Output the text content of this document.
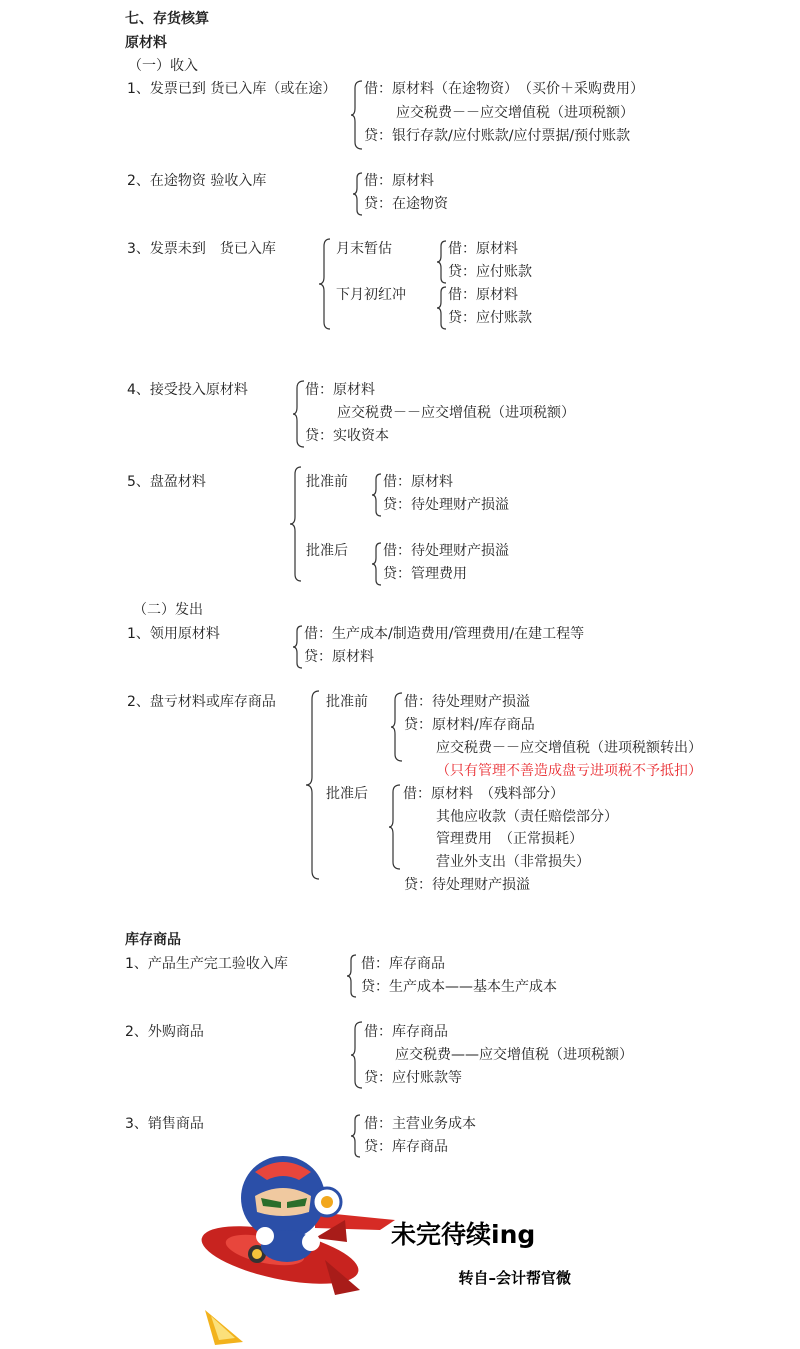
七、存货核算
原材料
（一）收入
1、发票已到 货已入库（或在途） 借：原材料（在途物资）　（买价＋采购费用）
应交税费－－应交增值税（进项税额）
贷：银行存款/应付账款/应付票据/预付账款
2、在途物资 验收入库	借：原材料
贷：在途物资
3、发票未到　货已入库	月末暂估	借：原材料
贷：应付账款
下月初红冲	借：原材料
贷：应付账款
4、接受投入原材料	借：原材料
应交税费－－应交增值税（进项税额）
贷：实收资本
5、盘盈材料	批准前	借：原材料
贷：待处理财产损溢
批准后	借：待处理财产损溢
贷：管理费用
（二）发出
1、领用原材料	借：生产成本/制造费用/管理费用/在建工程等
贷：原材料
2、盘亏材料或库存商品	批准前	借：待处理财产损溢
贷：原材料/库存商品
应交税费－－应交增值税（进项税额转出）
（只有管理不善造成盘亏进项税不予抵扣）
批准后	借：原材料　（残料部分）
其他应收款（责任赔偿部分）
管理费用　（正常损耗）
营业外支出（非常损失）
贷：待处理财产损溢
库存商品
1、产品生产完工验收入库	借：库存商品
贷：生产成本——基本生产成本
2、外购商品	借：库存商品
应交税费——应交增值税（进项税额）
贷：应付账款等
3、销售商品	借：主营业务成本
贷：库存商品
未完待续ing
转自–会计帮官微
